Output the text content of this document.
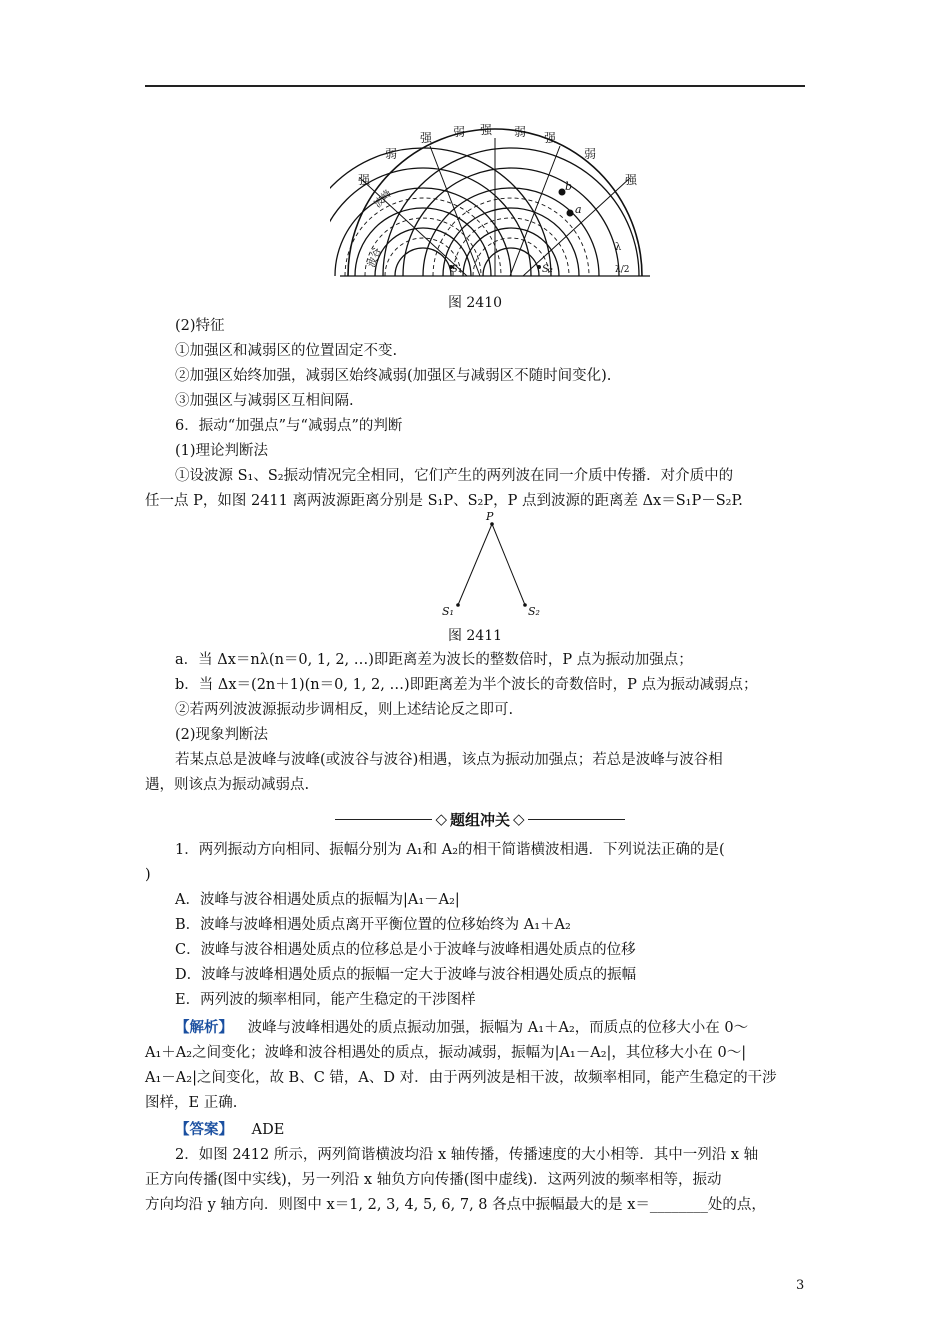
强
弱
强 弱 强 弱 强
弱
强
波峰
波谷
b
a
S₁	S₂
λ
λ/2
图 2410
(2)特征
①加强区和减弱区的位置固定不变.
②加强区始终加强，减弱区始终减弱(加强区与减弱区不随时间变化).
③加强区与减弱区互相间隔.
6．振动“加强点”与“减弱点”的判断
(1)理论判断法
①设波源 S₁、S₂振动情况完全相同，它们产生的两列波在同一介质中传播．对介质中的
任一点 P，如图 2411 离两波源距离分别是 S₁P、S₂P，P 点到波源的距离差 Δx＝S₁P－S₂P.
P
S₁	S₂
图 2411
a．当 Δx＝nλ(n＝0, 1, 2, …)即距离差为波长的整数倍时，P 点为振动加强点；
b．当 Δx＝(2n＋1)(n＝0, 1, 2, …)即距离差为半个波长的奇数倍时，P 点为振动减弱点；
②若两列波波源振动步调相反，则上述结论反之即可.
(2)现象判断法
若某点总是波峰与波峰(或波谷与波谷)相遇，该点为振动加强点；若总是波峰与波谷相
遇，则该点为振动减弱点.
◇ 题组冲关 ◇
1．两列振动方向相同、振幅分别为 A₁和 A₂的相干简谐横波相遇．下列说法正确的是(
)
A．波峰与波谷相遇处质点的振幅为|A₁－A₂|
B．波峰与波峰相遇处质点离开平衡位置的位移始终为 A₁＋A₂
C．波峰与波谷相遇处质点的位移总是小于波峰与波峰相遇处质点的位移
D．波峰与波峰相遇处质点的振幅一定大于波峰与波谷相遇处质点的振幅
E．两列波的频率相同，能产生稳定的干涉图样
【解析】 波峰与波峰相遇处的质点振动加强，振幅为 A₁＋A₂，而质点的位移大小在 0～
A₁＋A₂之间变化；波峰和波谷相遇处的质点，振动减弱，振幅为|A₁－A₂|，其位移大小在 0～|
A₁－A₂|之间变化，故 B、C 错，A、D 对．由于两列波是相干波，故频率相同，能产生稳定的干涉
图样，E 正确.
【答案】 ADE
2．如图 2412 所示，两列简谐横波均沿 x 轴传播，传播速度的大小相等．其中一列沿 x 轴
正方向传播(图中实线)，另一列沿 x 轴负方向传播(图中虚线)．这两列波的频率相等，振动
方向均沿 y 轴方向．则图中 x＝1, 2, 3, 4, 5, 6, 7, 8 各点中振幅最大的是 x＝________处的点，
3
